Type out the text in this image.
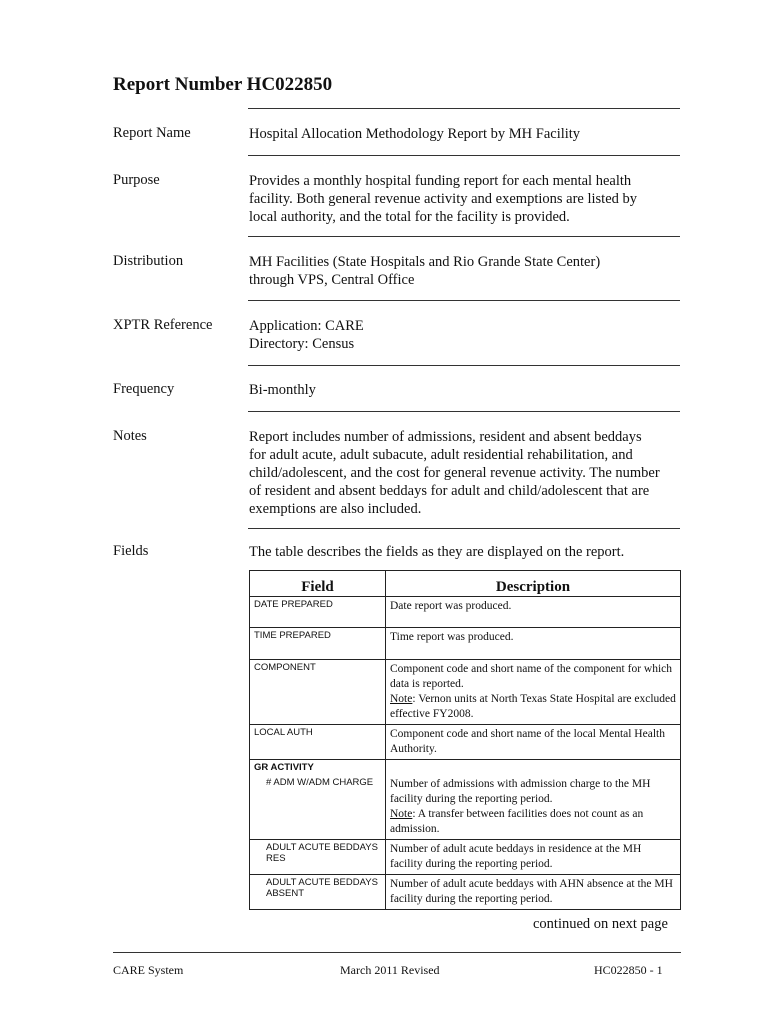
Report Number HC022850
Report Name	Hospital Allocation Methodology Report by MH Facility
Purpose	Provides a monthly hospital funding report for each mental health
facility. Both general revenue activity and exemptions are listed by
local authority, and the total for the facility is provided.
Distribution	MH Facilities (State Hospitals and Rio Grande State Center)
through VPS, Central Office
XPTR Reference	Application: CARE
Directory: Census
Frequency	Bi-monthly
Notes	Report includes number of admissions, resident and absent beddays
for adult acute, adult subacute, adult residential rehabilitation, and
child/adolescent, and the cost for general revenue activity. The number
of resident and absent beddays for adult and child/adolescent that are
exemptions are also included.
Fields	The table describes the fields as they are displayed on the report.
Field	Description
DATE PREPARED	Date report was produced.
TIME PREPARED	Time report was produced.
COMPONENT	Component code and short name of the component for which data is reported.
Note: Vernon units at North Texas State Hospital are excluded effective FY2008.
LOCAL AUTH	Component code and short name of the local Mental Health Authority.
GR ACTIVITY	
# ADM W/ADM CHARGE	Number of admissions with admission charge to the MH facility during the reporting period.
Note: A transfer between facilities does not count as an admission.
ADULT ACUTE BEDDAYS RES	Number of adult acute beddays in residence at the MH facility during the reporting period.
ADULT ACUTE BEDDAYS ABSENT	Number of adult acute beddays with AHN absence at the MH facility during the reporting period.
continued on next page
CARE System	March 2011 Revised	HC022850 - 1
